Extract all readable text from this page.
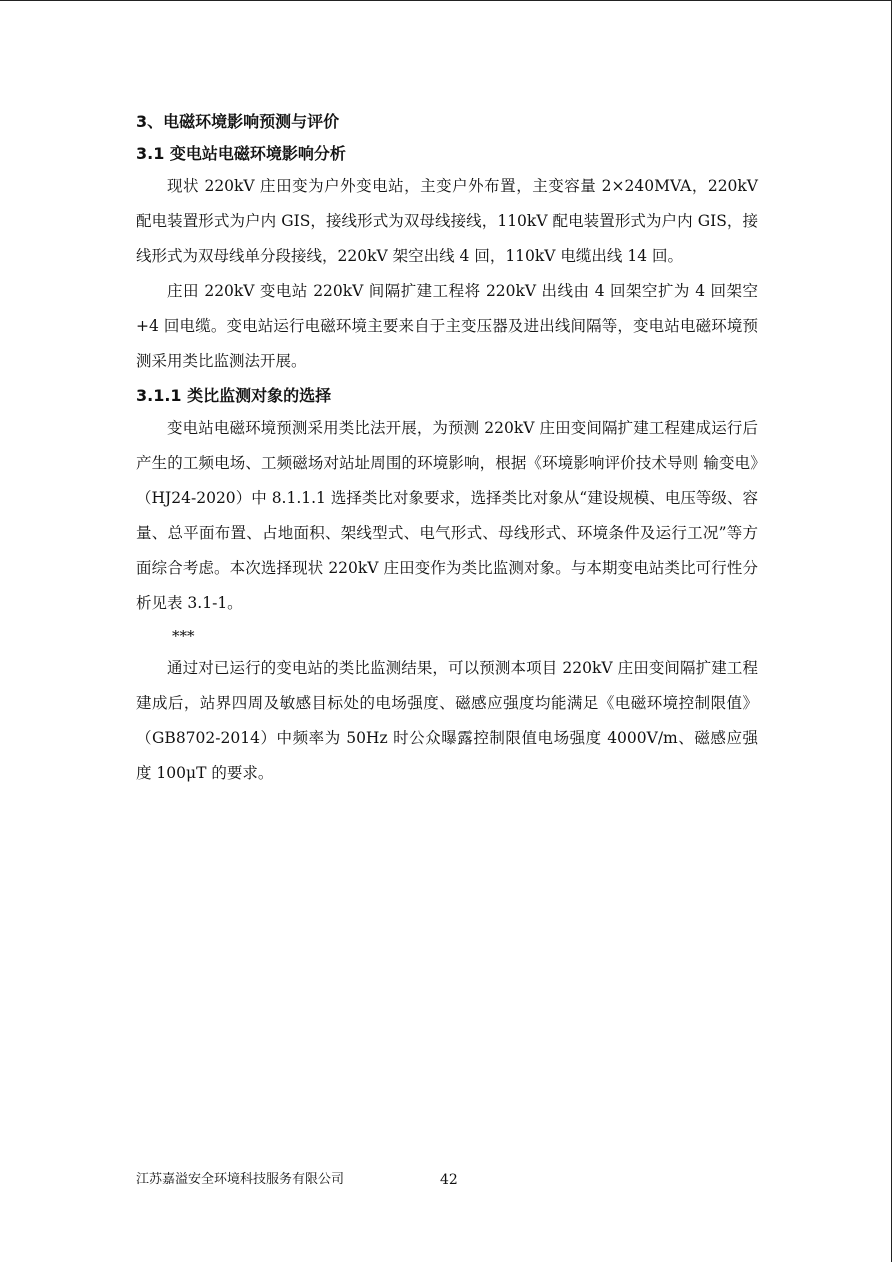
3、电磁环境影响预测与评价

3.1 变电站电磁环境影响分析

现状 220kV 庄田变为户外变电站，主变户外布置，主变容量 2×240MVA，220kV 配电装置形式为户内 GIS，接线形式为双母线接线，110kV 配电装置形式为户内 GIS，接线形式为双母线单分段接线，220kV 架空出线 4 回，110kV 电缆出线 14 回。

庄田 220kV 变电站 220kV 间隔扩建工程将 220kV 出线由 4 回架空扩为 4 回架空+4 回电缆。变电站运行电磁环境主要来自于主变压器及进出线间隔等，变电站电磁环境预测采用类比监测法开展。

3.1.1 类比监测对象的选择

变电站电磁环境预测采用类比法开展，为预测 220kV 庄田变间隔扩建工程建成运行后产生的工频电场、工频磁场对站址周围的环境影响，根据《环境影响评价技术导则 输变电》（HJ24-2020）中 8.1.1.1 选择类比对象要求，选择类比对象从“建设规模、电压等级、容量、总平面布置、占地面积、架线型式、电气形式、母线形式、环境条件及运行工况”等方面综合考虑。本次选择现状 220kV 庄田变作为类比监测对象。与本期变电站类比可行性分析见表 3.1-1。

***

通过对已运行的变电站的类比监测结果，可以预测本项目 220kV 庄田变间隔扩建工程建成后，站界四周及敏感目标处的电场强度、磁感应强度均能满足《电磁环境控制限值》（GB8702-2014）中频率为 50Hz 时公众曝露控制限值电场强度 4000V/m、磁感应强度 100μT 的要求。

江苏嘉溢安全环境科技服务有限公司	42
